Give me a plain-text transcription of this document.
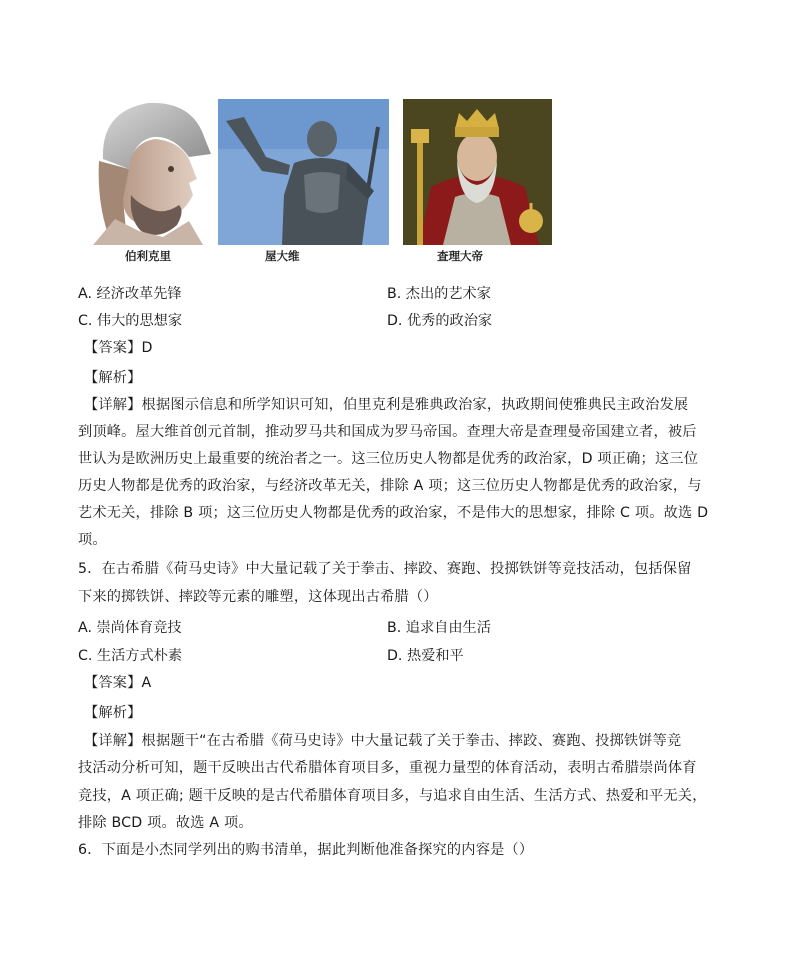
伯利克里	屋大维	查理大帝
A. 经济改革先锋	B. 杰出的艺术家
C. 伟大的思想家	D. 优秀的政治家
【答案】D
【解析】
【详解】根据图示信息和所学知识可知，伯里克利是雅典政治家，执政期间使雅典民主政治发展
到顶峰。屋大维首创元首制，推动罗马共和国成为罗马帝国。查理大帝是查理曼帝国建立者，被后
世认为是欧洲历史上最重要的统治者之一。这三位历史人物都是优秀的政治家，D 项正确；这三位
历史人物都是优秀的政治家，与经济改革无关，排除 A 项；这三位历史人物都是优秀的政治家，与
艺术无关，排除 B 项；这三位历史人物都是优秀的政治家，不是伟大的思想家，排除 C 项。故选 D
项。
5．在古希腊《荷马史诗》中大量记载了关于拳击、摔跤、赛跑、投掷铁饼等竞技活动，包括保留
下来的掷铁饼、摔跤等元素的雕塑，这体现出古希腊（）
A. 崇尚体育竞技	B. 追求自由生活
C. 生活方式朴素	D. 热爱和平
【答案】A
【解析】
【详解】根据题干“在古希腊《荷马史诗》中大量记载了关于拳击、摔跤、赛跑、投掷铁饼等竞
技活动分析可知，题干反映出古代希腊体育项目多，重视力量型的体育活动，表明古希腊崇尚体育
竞技，A 项正确; 题干反映的是古代希腊体育项目多，与追求自由生活、生活方式、热爱和平无关，
排除 BCD 项。故选 A 项。
6．下面是小杰同学列出的购书清单，据此判断他准备探究的内容是（）
